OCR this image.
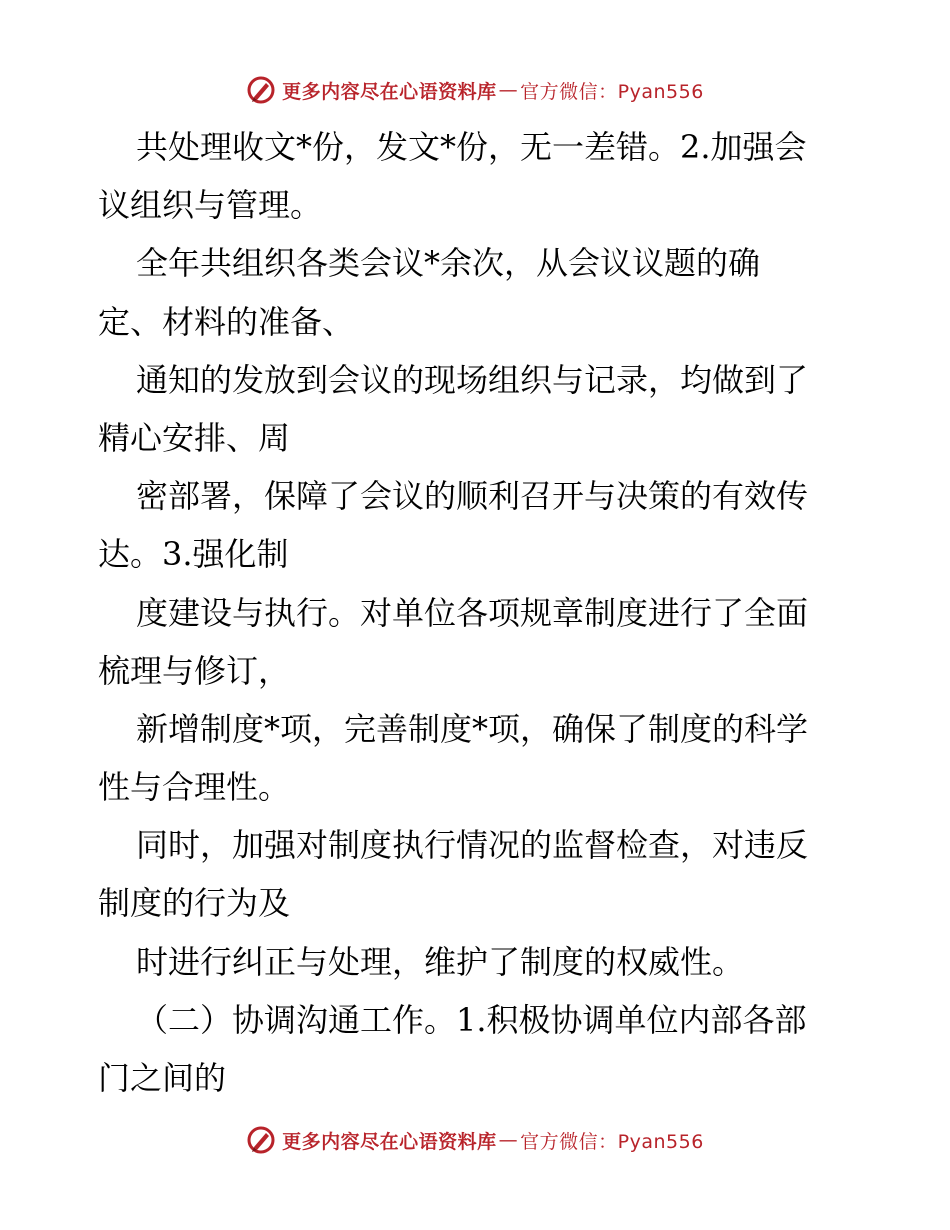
更多内容尽在心语资料库 — 官方微信：Pyan556
共处理收文*份，发文*份，无一差错。2.加强会
议组织与管理。
全年共组织各类会议*余次，从会议议题的确
定、材料的准备、
通知的发放到会议的现场组织与记录，均做到了
精心安排、周
密部署，保障了会议的顺利召开与决策的有效传
达。3.强化制
度建设与执行。对单位各项规章制度进行了全面
梳理与修订，
新增制度*项，完善制度*项，确保了制度的科学
性与合理性。
同时，加强对制度执行情况的监督检查，对违反
制度的行为及
时进行纠正与处理，维护了制度的权威性。
（二）协调沟通工作。1.积极协调单位内部各部
门之间的
更多内容尽在心语资料库 — 官方微信：Pyan556
